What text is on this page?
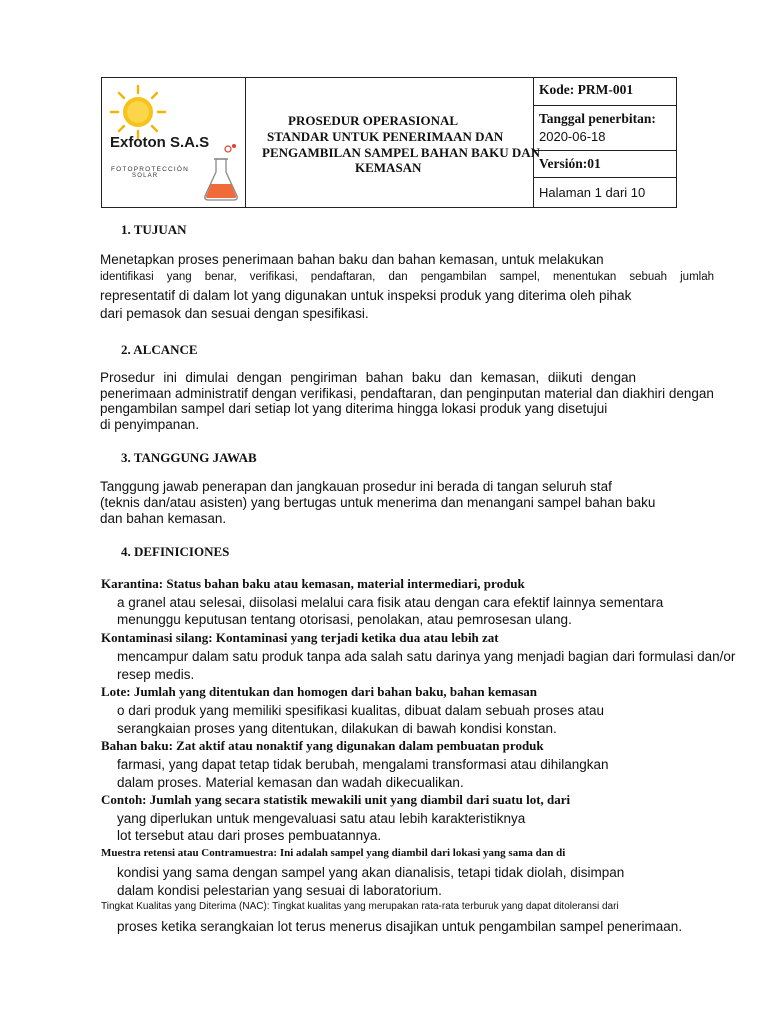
Exfoton S.A.S
FOTOPROTECCIÓN
SOLAR
PROSEDUR OPERASIONAL
STANDAR UNTUK PENERIMAAN DAN
PENGAMBILAN SAMPEL BAHAN BAKU DAN
KEMASAN
Kode: PRM-001
Tanggal penerbitan:
2020-06-18
Versión:01
Halaman 1 dari 10
1. TUJUAN
Menetapkan proses penerimaan bahan baku dan bahan kemasan, untuk melakukan
identifikasi yang benar, verifikasi, pendaftaran, dan pengambilan sampel, menentukan sebuah jumlah
representatif di dalam lot yang digunakan untuk inspeksi produk yang diterima oleh pihak
dari pemasok dan sesuai dengan spesifikasi.
2. ALCANCE
Prosedur ini dimulai dengan pengiriman bahan baku dan kemasan, diikuti dengan
penerimaan administratif dengan verifikasi, pendaftaran, dan penginputan material dan diakhiri dengan
pengambilan sampel dari setiap lot yang diterima hingga lokasi produk yang disetujui
di penyimpanan.
3. TANGGUNG JAWAB
Tanggung jawab penerapan dan jangkauan prosedur ini berada di tangan seluruh staf
(teknis dan/atau asisten) yang bertugas untuk menerima dan menangani sampel bahan baku
dan bahan kemasan.
4. DEFINICIONES
Karantina: Status bahan baku atau kemasan, material intermediari, produk
a granel atau selesai, diisolasi melalui cara fisik atau dengan cara efektif lainnya sementara
menunggu keputusan tentang otorisasi, penolakan, atau pemrosesan ulang.
Kontaminasi silang: Kontaminasi yang terjadi ketika dua atau lebih zat
mencampur dalam satu produk tanpa ada salah satu darinya yang menjadi bagian dari formulasi dan/or
resep medis.
Lote: Jumlah yang ditentukan dan homogen dari bahan baku, bahan kemasan
o dari produk yang memiliki spesifikasi kualitas, dibuat dalam sebuah proses atau
serangkaian proses yang ditentukan, dilakukan di bawah kondisi konstan.
Bahan baku: Zat aktif atau nonaktif yang digunakan dalam pembuatan produk
farmasi, yang dapat tetap tidak berubah, mengalami transformasi atau dihilangkan
dalam proses. Material kemasan dan wadah dikecualikan.
Contoh: Jumlah yang secara statistik mewakili unit yang diambil dari suatu lot, dari
yang diperlukan untuk mengevaluasi satu atau lebih karakteristiknya
lot tersebut atau dari proses pembuatannya.
Muestra retensi atau Contramuestra: Ini adalah sampel yang diambil dari lokasi yang sama dan di
kondisi yang sama dengan sampel yang akan dianalisis, tetapi tidak diolah, disimpan
dalam kondisi pelestarian yang sesuai di laboratorium.
Tingkat Kualitas yang Diterima (NAC): Tingkat kualitas yang merupakan rata-rata terburuk yang dapat ditoleransi dari
proses ketika serangkaian lot terus menerus disajikan untuk pengambilan sampel penerimaan.
